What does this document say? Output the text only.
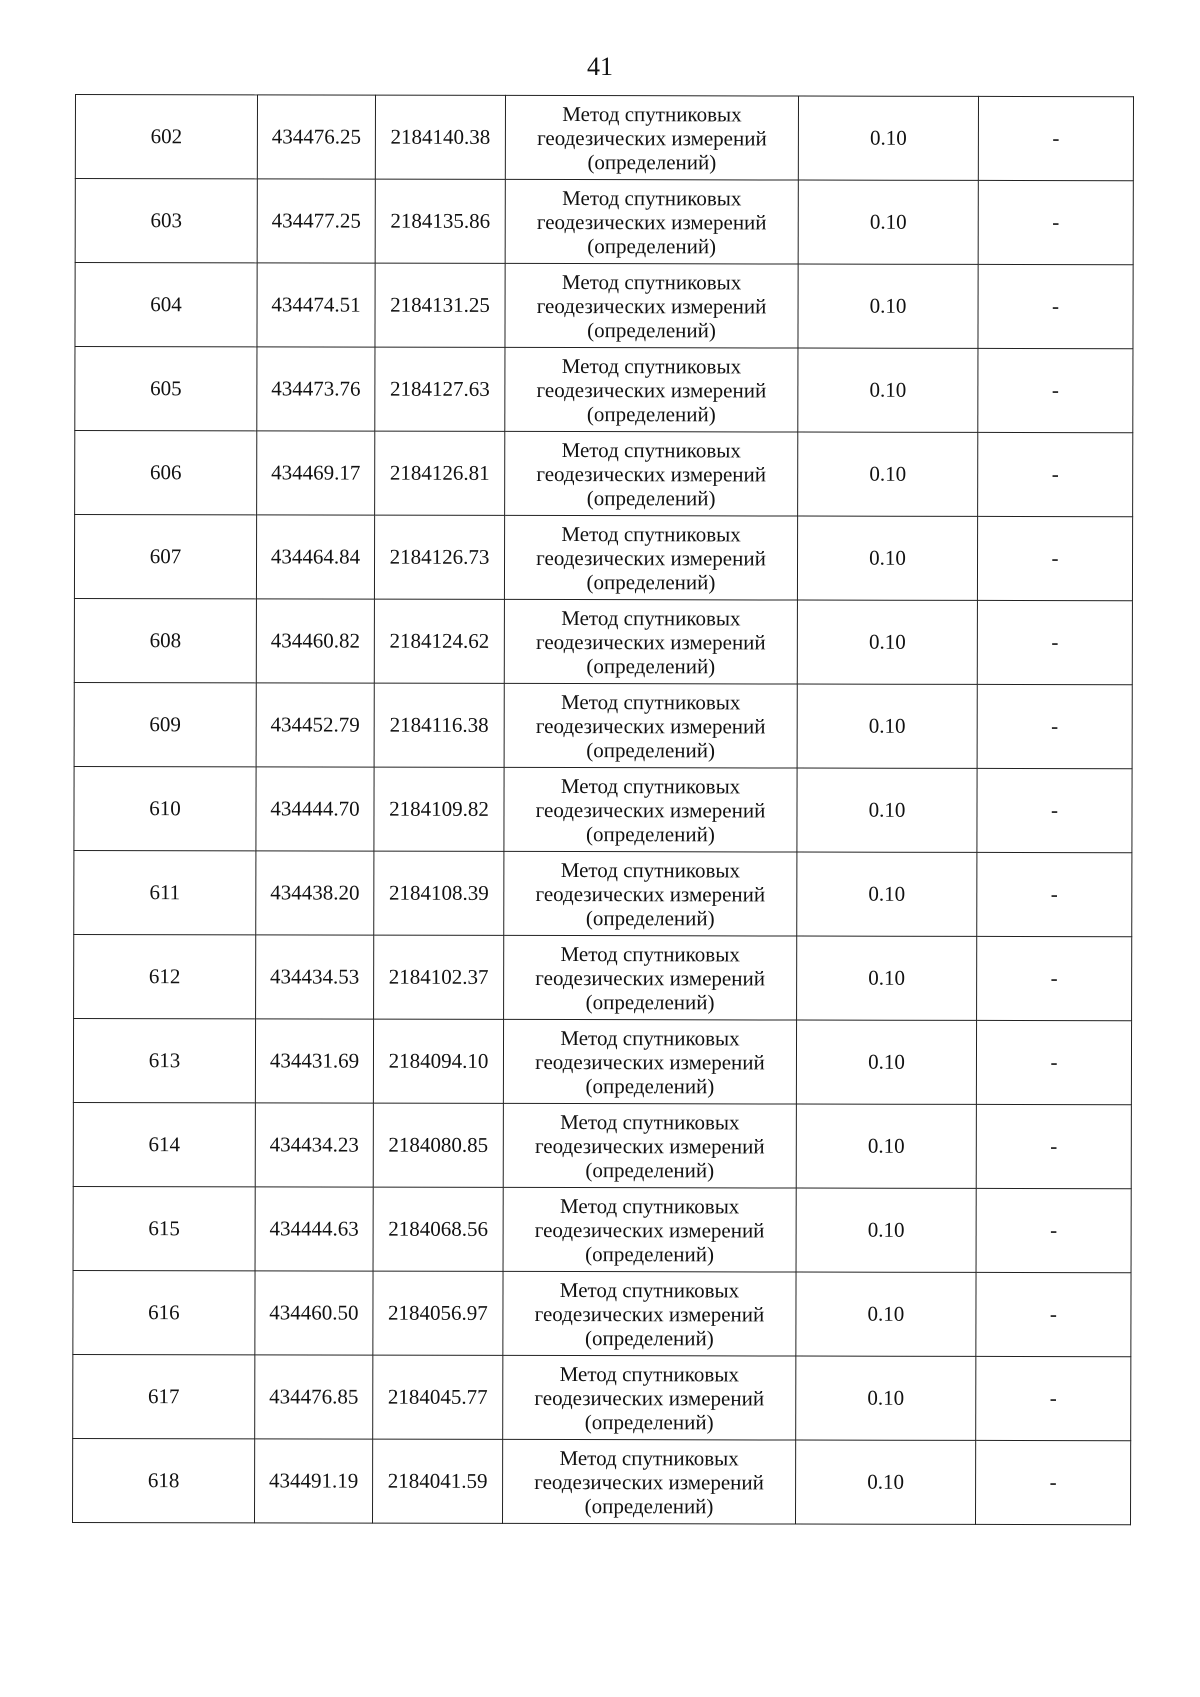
41
602	434476.25	2184140.38	Метод спутниковых
геодезических измерений
(определений)	0.10	-
603	434477.25	2184135.86	Метод спутниковых
геодезических измерений
(определений)	0.10	-
604	434474.51	2184131.25	Метод спутниковых
геодезических измерений
(определений)	0.10	-
605	434473.76	2184127.63	Метод спутниковых
геодезических измерений
(определений)	0.10	-
606	434469.17	2184126.81	Метод спутниковых
геодезических измерений
(определений)	0.10	-
607	434464.84	2184126.73	Метод спутниковых
геодезических измерений
(определений)	0.10	-
608	434460.82	2184124.62	Метод спутниковых
геодезических измерений
(определений)	0.10	-
609	434452.79	2184116.38	Метод спутниковых
геодезических измерений
(определений)	0.10	-
610	434444.70	2184109.82	Метод спутниковых
геодезических измерений
(определений)	0.10	-
611	434438.20	2184108.39	Метод спутниковых
геодезических измерений
(определений)	0.10	-
612	434434.53	2184102.37	Метод спутниковых
геодезических измерений
(определений)	0.10	-
613	434431.69	2184094.10	Метод спутниковых
геодезических измерений
(определений)	0.10	-
614	434434.23	2184080.85	Метод спутниковых
геодезических измерений
(определений)	0.10	-
615	434444.63	2184068.56	Метод спутниковых
геодезических измерений
(определений)	0.10	-
616	434460.50	2184056.97	Метод спутниковых
геодезических измерений
(определений)	0.10	-
617	434476.85	2184045.77	Метод спутниковых
геодезических измерений
(определений)	0.10	-
618	434491.19	2184041.59	Метод спутниковых
геодезических измерений
(определений)	0.10	-
